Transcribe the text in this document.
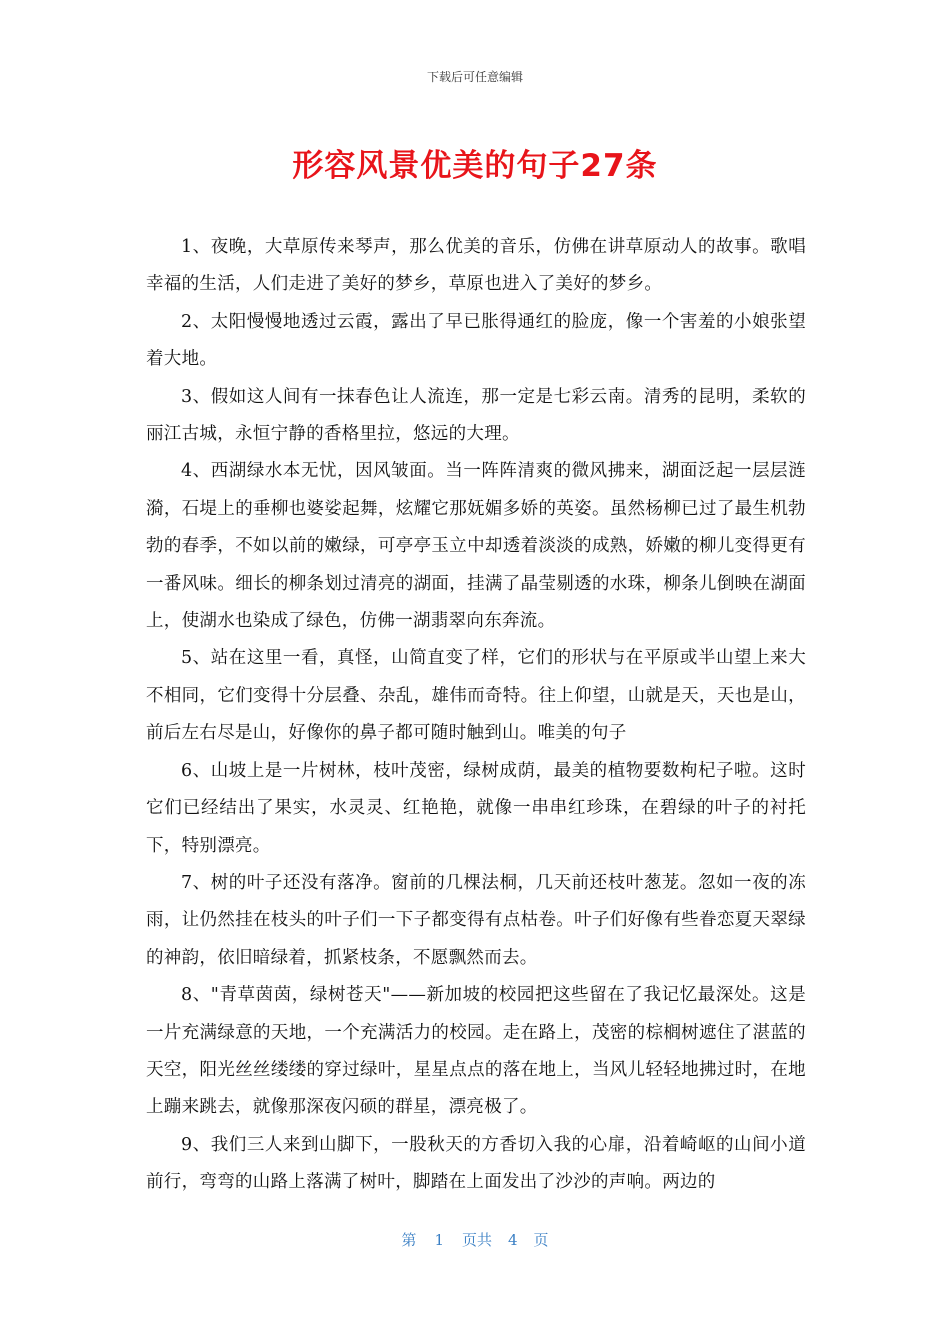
下载后可任意编辑
形容风景优美的句子27条

1、夜晚，大草原传来琴声，那么优美的音乐，仿佛在讲草原动人的故事。歌唱幸福的生活，人们走进了美好的梦乡，草原也进入了美好的梦乡。

2、太阳慢慢地透过云霞，露出了早已胀得通红的脸庞，像一个害羞的小娘张望着大地。

3、假如这人间有一抹春色让人流连，那一定是七彩云南。清秀的昆明，柔软的丽江古城，永恒宁静的香格里拉，悠远的大理。

4、西湖绿水本无忧，因风皱面。当一阵阵清爽的微风拂来，湖面泛起一层层涟漪，石堤上的垂柳也婆娑起舞，炫耀它那妩媚多娇的英姿。虽然杨柳已过了最生机勃勃的春季，不如以前的嫩绿，可亭亭玉立中却透着淡淡的成熟，娇嫩的柳儿变得更有一番风味。细长的柳条划过清亮的湖面，挂满了晶莹剔透的水珠，柳条儿倒映在湖面上，使湖水也染成了绿色，仿佛一湖翡翠向东奔流。

5、站在这里一看，真怪，山简直变了样，它们的形状与在平原或半山望上来大不相同，它们变得十分层叠、杂乱，雄伟而奇特。往上仰望，山就是天，天也是山，前后左右尽是山，好像你的鼻子都可随时触到山。唯美的句子

6、山坡上是一片树林，枝叶茂密，绿树成荫，最美的植物要数枸杞子啦。这时它们已经结出了果实，水灵灵、红艳艳，就像一串串红珍珠，在碧绿的叶子的衬托下，特别漂亮。

7、树的叶子还没有落净。窗前的几棵法桐，几天前还枝叶葱茏。忽如一夜的冻雨，让仍然挂在枝头的叶子们一下子都变得有点枯卷。叶子们好像有些眷恋夏天翠绿的神韵，依旧暗绿着，抓紧枝条，不愿飘然而去。

8、"青草茵茵，绿树苍天"——新加坡的校园把这些留在了我记忆最深处。这是一片充满绿意的天地，一个充满活力的校园。走在路上，茂密的棕榈树遮住了湛蓝的天空，阳光丝丝缕缕的穿过绿叶，星星点点的落在地上，当风儿轻轻地拂过时，在地上蹦来跳去，就像那深夜闪硕的群星，漂亮极了。

9、我们三人来到山脚下，一股秋天的方香切入我的心扉，沿着崎岖的山间小道前行，弯弯的山路上落满了树叶，脚踏在上面发出了沙沙的声响。两边的

第 1 页共 4 页
